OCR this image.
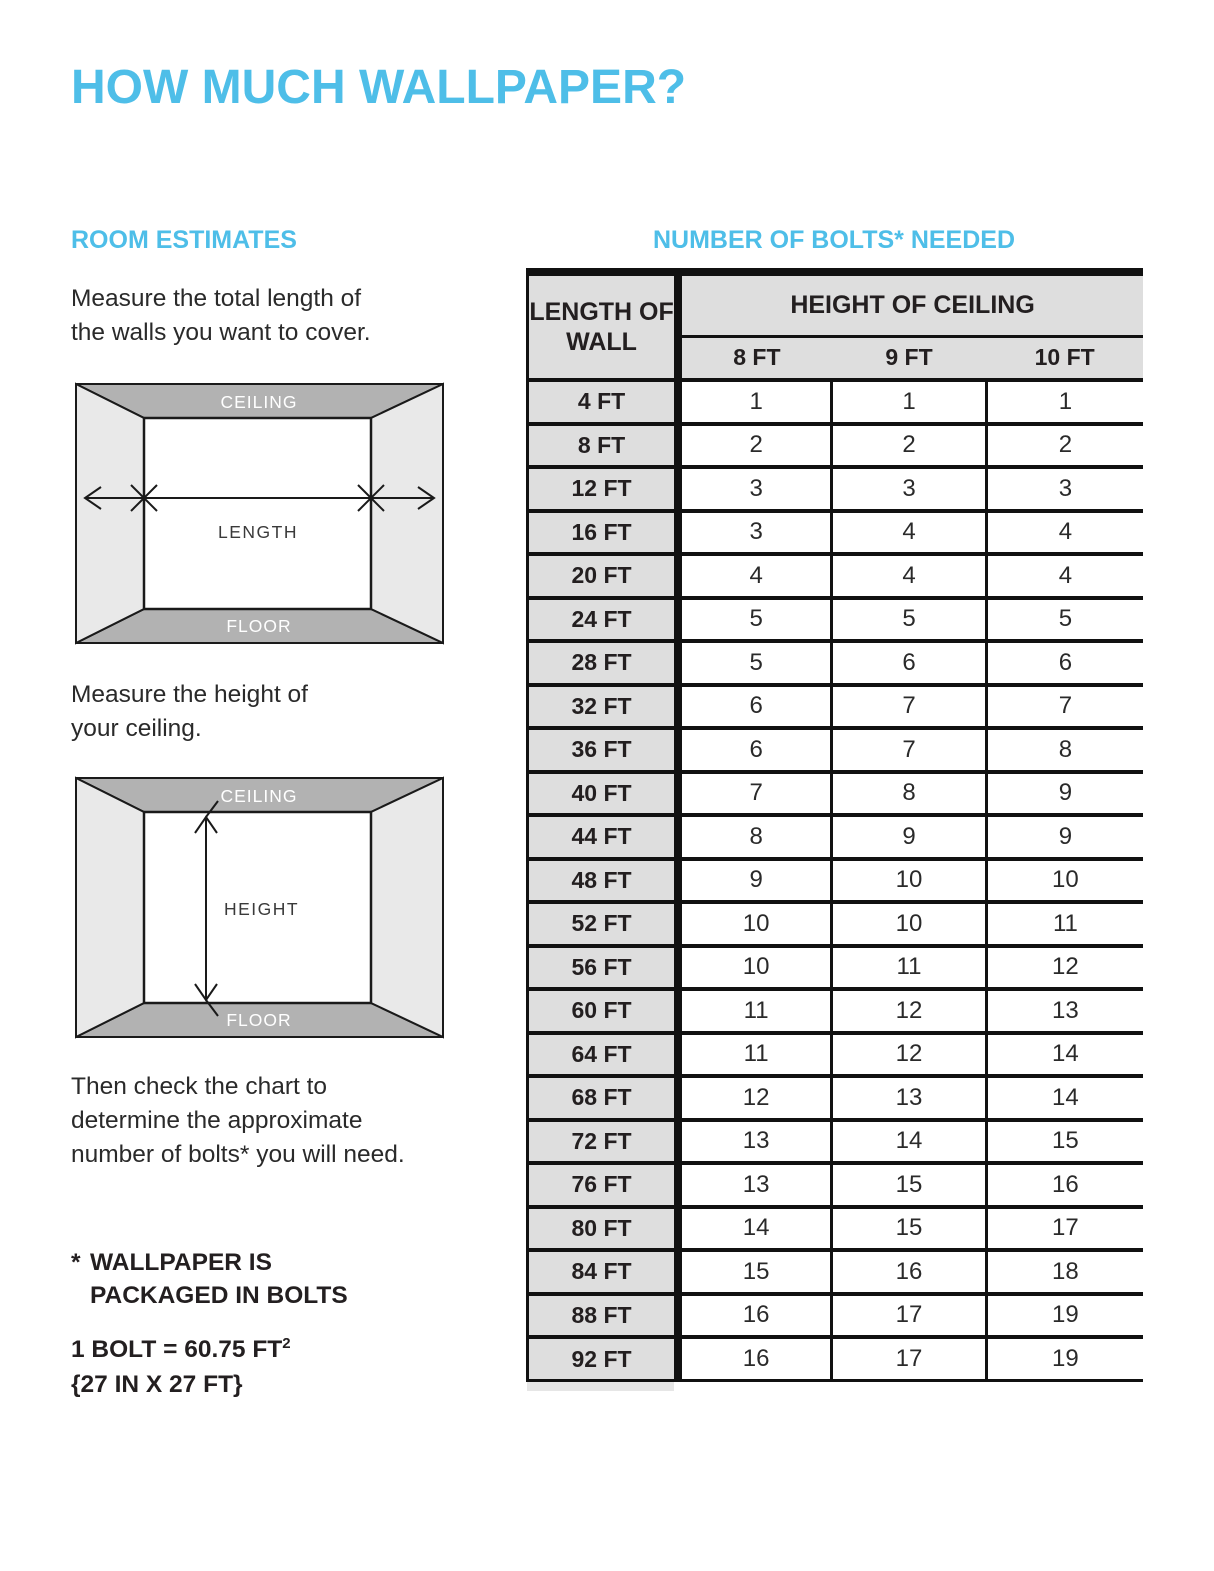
HOW MUCH WALLPAPER?
ROOM ESTIMATES
Measure the total length of
the walls you want to cover.
CEILING
FLOOR
LENGTH
Measure the height of
your ceiling.
CEILING
FLOOR
HEIGHT
Then check the chart to
determine the approximate
number of bolts* you will need.
* WALLPAPER IS
PACKAGED IN BOLTS
1 BOLT = 60.75 $FT^2$
{27 IN X 27 FT}
NUMBER OF BOLTS* NEEDED
LENGTH OF WALL	HEIGHT OF CEILING		
	8 FT	9 FT	10 FT
4 FT	1	1	1
8 FT	2	2	2
12 FT	3	3	3
16 FT	3	4	4
20 FT	4	4	4
24 FT	5	5	5
28 FT	5	6	6
32 FT	6	7	7
36 FT	6	7	8
40 FT	7	8	9
44 FT	8	9	9
48 FT	9	10	10
52 FT	10	10	11
56 FT	10	11	12
60 FT	11	12	13
64 FT	11	12	14
68 FT	12	13	14
72 FT	13	14	15
76 FT	13	15	16
80 FT	14	15	17
84 FT	15	16	18
88 FT	16	17	19
92 FT	16	17	19
